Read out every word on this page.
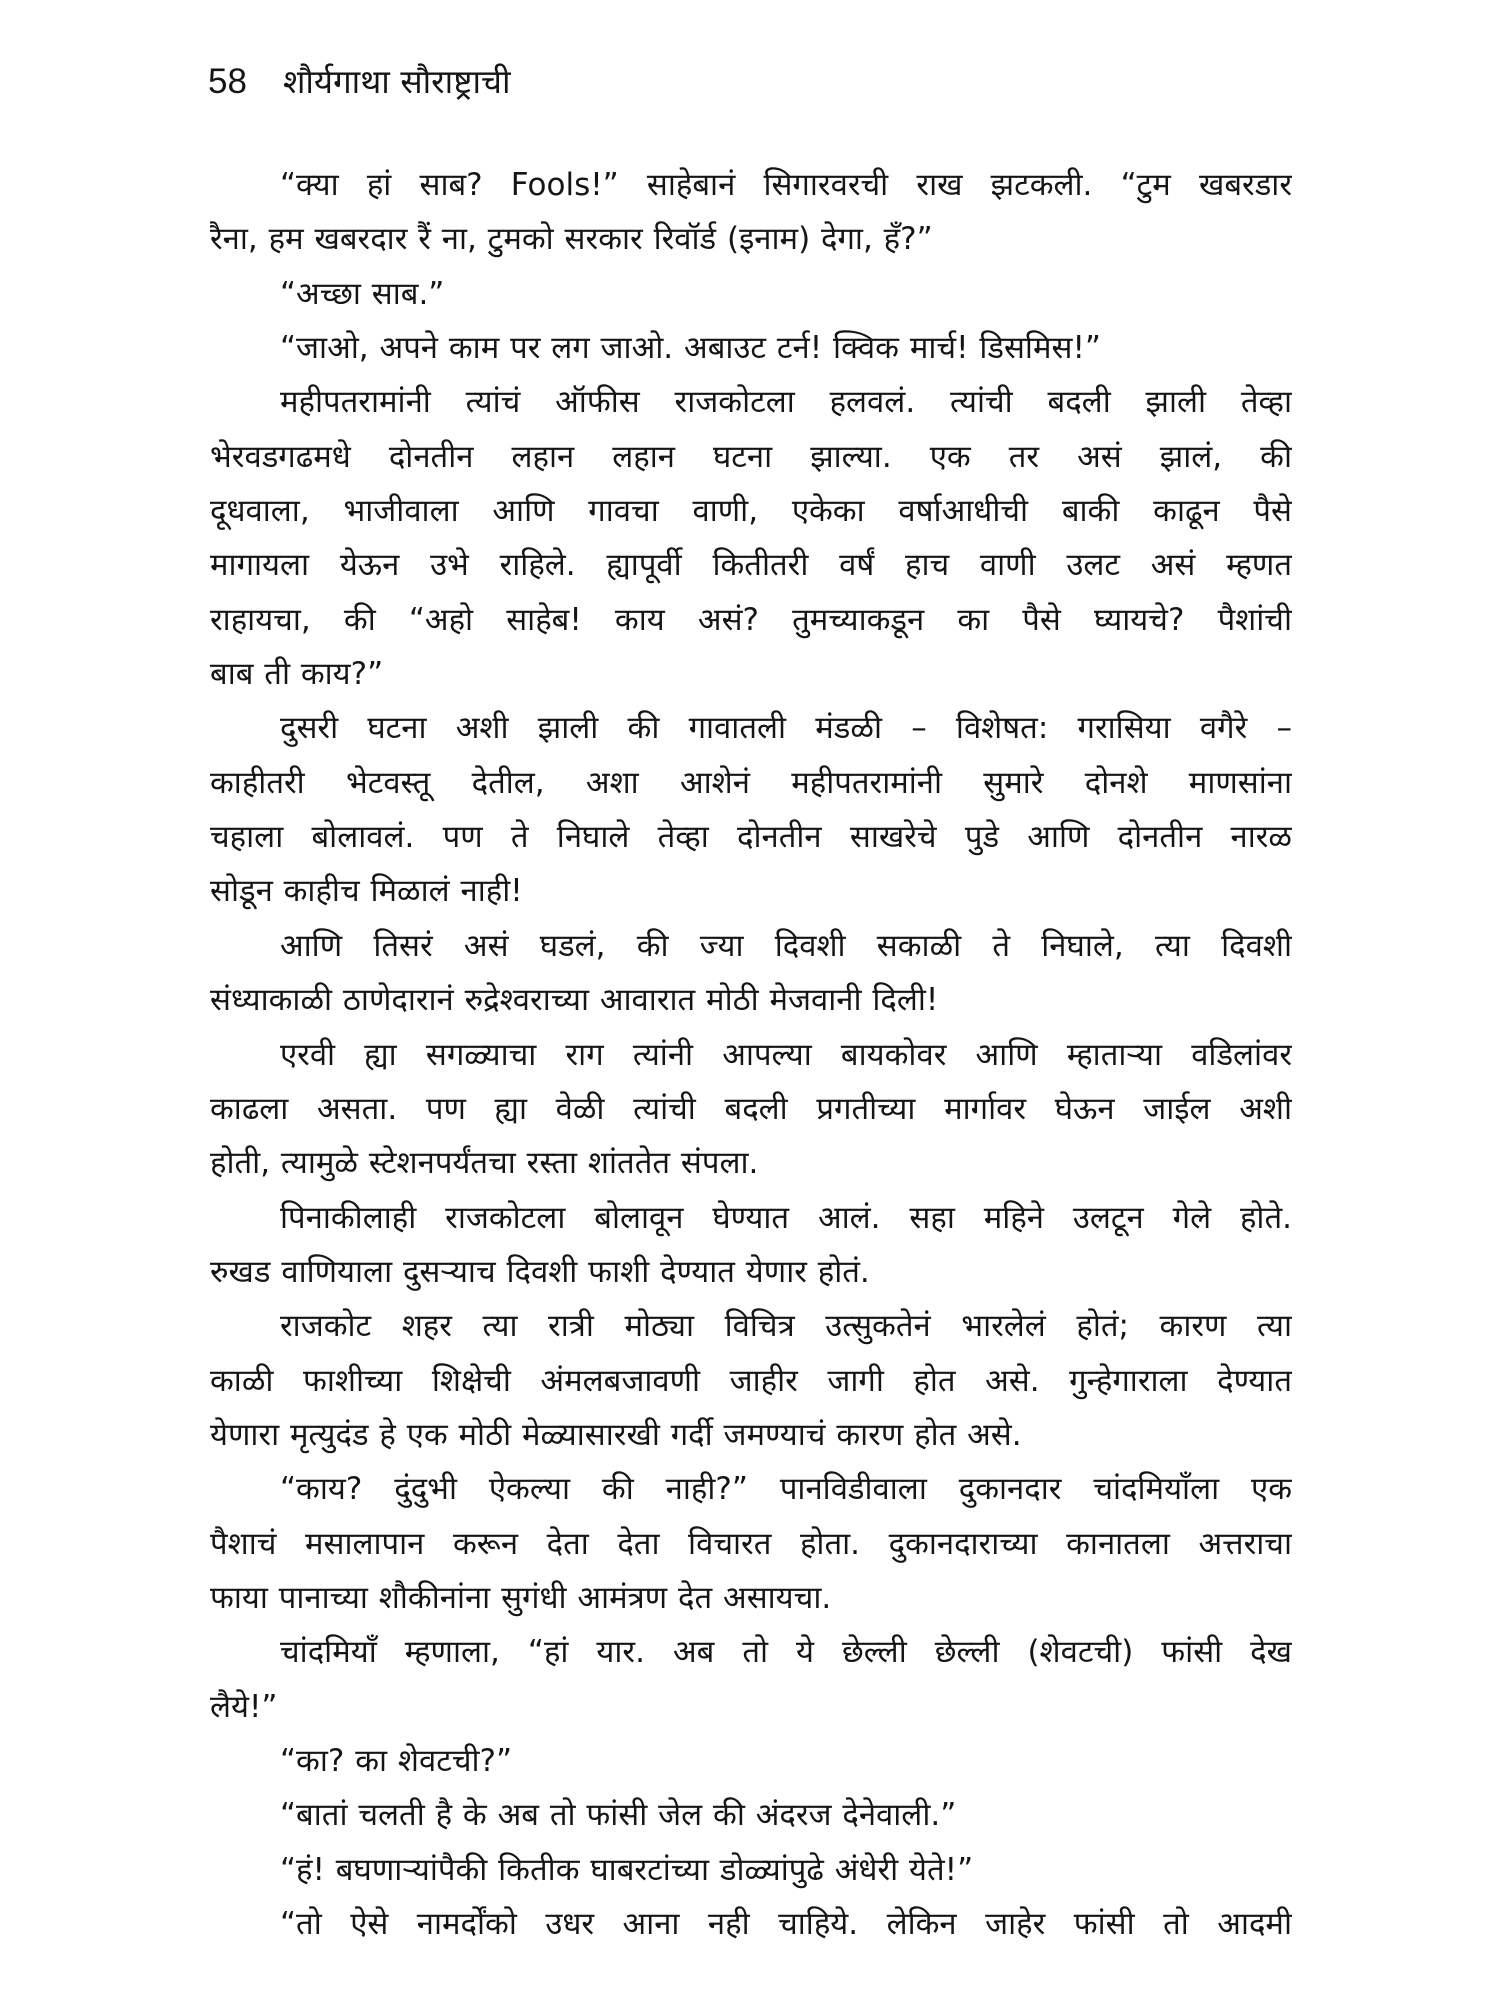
58 शौर्यगाथा सौराष्ट्राची
“क्या हां साब? Fools!” साहेबानं सिगारवरची राख झटकली. “टुम खबरडार
रैना, हम खबरदार रैं ना, टुमको सरकार रिवॉर्ड (इनाम) देगा, हँ?”
“अच्छा साब.”
“जाओ, अपने काम पर लग जाओ. अबाउट टर्न! क्विक मार्च! डिसमिस!”
महीपतरामांनी त्यांचं ऑफीस राजकोटला हलवलं. त्यांची बदली झाली तेव्हा
भेरवडगढमधे दोनतीन लहान लहान घटना झाल्या. एक तर असं झालं, की
दूधवाला, भाजीवाला आणि गावचा वाणी, एकेका वर्षाआधीची बाकी काढून पैसे
मागायला येऊन उभे राहिले. ह्यापूर्वी कितीतरी वर्षं हाच वाणी उलट असं म्हणत
राहायचा, की “अहो साहेब! काय असं? तुमच्याकडून का पैसे घ्यायचे? पैशांची
बाब ती काय?”
दुसरी घटना अशी झाली की गावातली मंडळी – विशेषत: गरासिया वगैरे –
काहीतरी भेटवस्तू देतील, अशा आशेनं महीपतरामांनी सुमारे दोनशे माणसांना
चहाला बोलावलं. पण ते निघाले तेव्हा दोनतीन साखरेचे पुडे आणि दोनतीन नारळ
सोडून काहीच मिळालं नाही!
आणि तिसरं असं घडलं, की ज्या दिवशी सकाळी ते निघाले, त्या दिवशी
संध्याकाळी ठाणेदारानं रुद्रेश्वराच्या आवारात मोठी मेजवानी दिली!
एरवी ह्या सगळ्याचा राग त्यांनी आपल्या बायकोवर आणि म्हाताऱ्या वडिलांवर
काढला असता. पण ह्या वेळी त्यांची बदली प्रगतीच्या मार्गावर घेऊन जाईल अशी
होती, त्यामुळे स्टेशनपर्यंतचा रस्ता शांततेत संपला.
पिनाकीलाही राजकोटला बोलावून घेण्यात आलं. सहा महिने उलटून गेले होते.
रुखड वाणियाला दुसऱ्याच दिवशी फाशी देण्यात येणार होतं.
राजकोट शहर त्या रात्री मोठ्या विचित्र उत्सुकतेनं भारलेलं होतं; कारण त्या
काळी फाशीच्या शिक्षेची अंमलबजावणी जाहीर जागी होत असे. गुन्हेगाराला देण्यात
येणारा मृत्युदंड हे एक मोठी मेळ्यासारखी गर्दी जमण्याचं कारण होत असे.
“काय? दुंदुभी ऐकल्या की नाही?” पानविडीवाला दुकानदार चांदमियाँला एक
पैशाचं मसालापान करून देता देता विचारत होता. दुकानदाराच्या कानातला अत्तराचा
फाया पानाच्या शौकीनांना सुगंधी आमंत्रण देत असायचा.
चांदमियाँ म्हणाला, “हां यार. अब तो ये छेल्ली छेल्ली (शेवटची) फांसी देख
लैये!”
“का? का शेवटची?”
“बातां चलती है के अब तो फांसी जेल की अंदरज देनेवाली.”
“हं! बघणाऱ्यांपैकी कितीक घाबरटांच्या डोळ्यांपुढे अंधेरी येते!”
“तो ऐसे नामर्दोंको उधर आना नही चाहिये. लेकिन जाहेर फांसी तो आदमी
